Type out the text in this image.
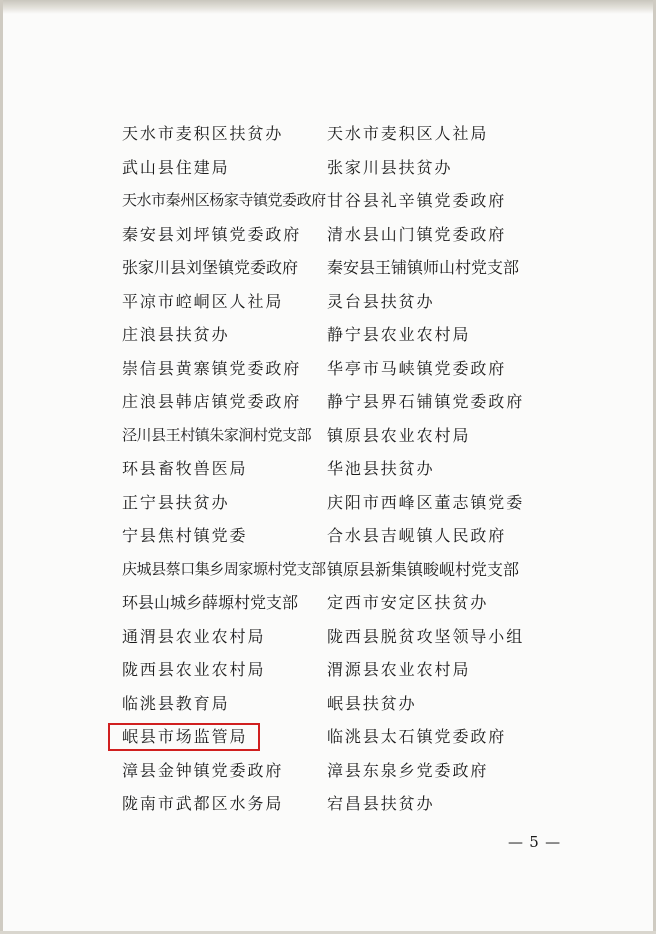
天水市麦积区扶贫办	天水市麦积区人社局
武山县住建局	张家川县扶贫办
天水市秦州区杨家寺镇党委政府 甘谷县礼辛镇党委政府
秦安县刘坪镇党委政府 清水县山门镇党委政府
张家川县刘堡镇党委政府 秦安县王铺镇师山村党支部
平凉市崆峒区人社局	灵台县扶贫办
庄浪县扶贫办	静宁县农业农村局
崇信县黄寨镇党委政府 华亭市马峡镇党委政府
庄浪县韩店镇党委政府 静宁县界石铺镇党委政府
泾川县王村镇朱家涧村党支部 镇原县农业农村局
环县畜牧兽医局	华池县扶贫办
正宁县扶贫办	庆阳市西峰区董志镇党委
宁县焦村镇党委	合水县吉岘镇人民政府
庆城县蔡口集乡周家塬村党支部 镇原县新集镇畯岘村党支部
环县山城乡薛塬村党支部 定西市安定区扶贫办
通渭县农业农村局	陇西县脱贫攻坚领导小组
陇西县农业农村局	渭源县农业农村局
临洮县教育局	岷县扶贫办
岷县市场监管局	临洮县太石镇党委政府
漳县金钟镇党委政府	漳县东泉乡党委政府
陇南市武都区水务局	宕昌县扶贫办
— 5 —
